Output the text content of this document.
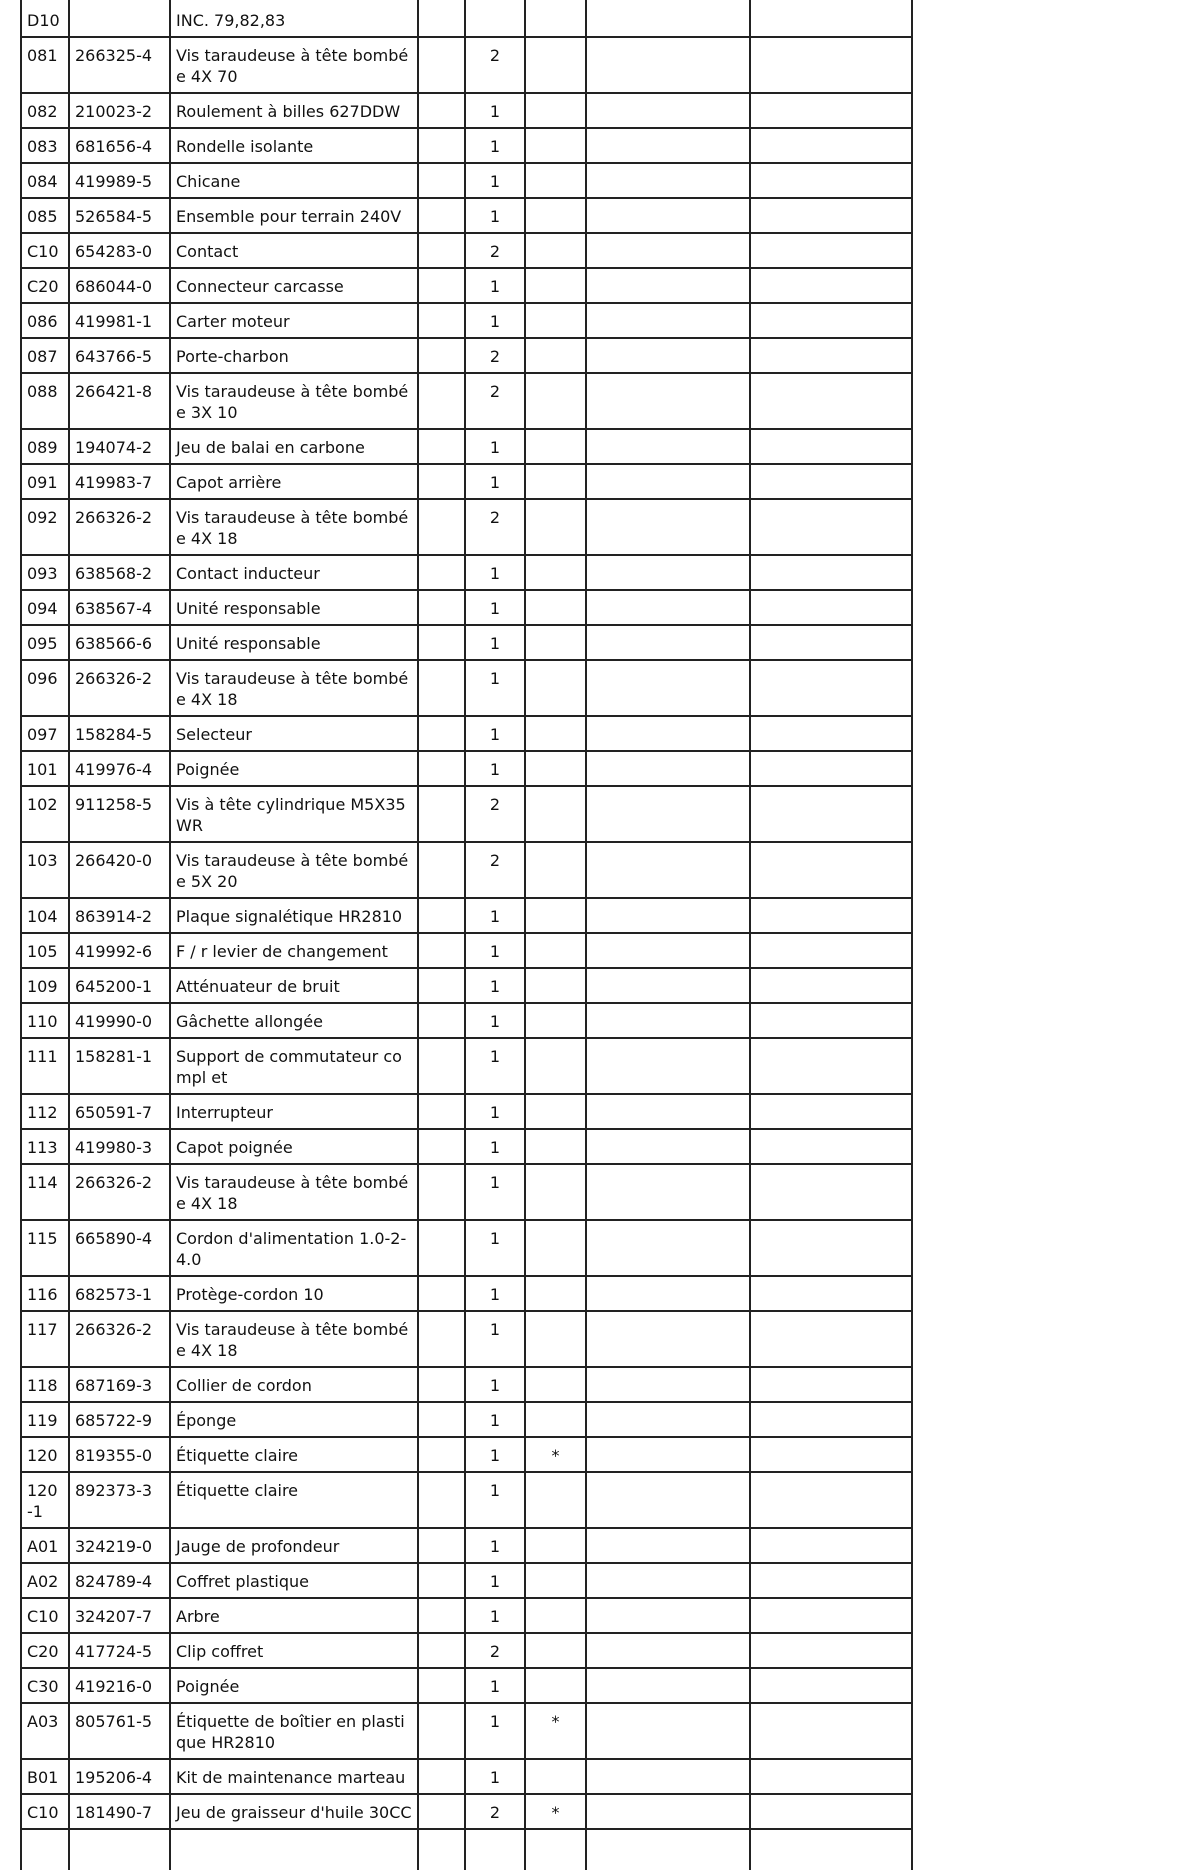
D10		INC. 79,82,83					
081	266325-4	Vis taraudeuse à tête bombée 4X 70		2			
082	210023-2	Roulement à billes 627DDW		1			
083	681656-4	Rondelle isolante		1			
084	419989-5	Chicane		1			
085	526584-5	Ensemble pour terrain 240V		1			
C10	654283-0	Contact		2			
C20	686044-0	Connecteur carcasse		1			
086	419981-1	Carter moteur		1			
087	643766-5	Porte-charbon		2			
088	266421-8	Vis taraudeuse à tête bombée 3X 10		2			
089	194074-2	Jeu de balai en carbone		1			
091	419983-7	Capot arrière		1			
092	266326-2	Vis taraudeuse à tête bombée 4X 18		2			
093	638568-2	Contact inducteur		1			
094	638567-4	Unité responsable		1			
095	638566-6	Unité responsable		1			
096	266326-2	Vis taraudeuse à tête bombée 4X 18		1			
097	158284-5	Selecteur		1			
101	419976-4	Poignée		1			
102	911258-5	Vis à tête cylindrique M5X35 WR		2			
103	266420-0	Vis taraudeuse à tête bombée 5X 20		2			
104	863914-2	Plaque signalétique HR2810		1			
105	419992-6	F / r levier de changement		1			
109	645200-1	Atténuateur de bruit		1			
110	419990-0	Gâchette allongée		1			
111	158281-1	Support de commutateur compl et		1			
112	650591-7	Interrupteur		1			
113	419980-3	Capot poignée		1			
114	266326-2	Vis taraudeuse à tête bombée 4X 18		1			
115	665890-4	Cordon d'alimentation 1.0-2-4.0		1			
116	682573-1	Protège-cordon 10		1			
117	266326-2	Vis taraudeuse à tête bombée 4X 18		1			
118	687169-3	Collier de cordon		1			
119	685722-9	Éponge		1			
120	819355-0	Étiquette claire		1	*		
120-1	892373-3	Étiquette claire		1			
A01	324219-0	Jauge de profondeur		1			
A02	824789-4	Coffret plastique		1			
C10	324207-7	Arbre		1			
C20	417724-5	Clip coffret		2			
C30	419216-0	Poignée		1			
A03	805761-5	Étiquette de boîtier en plastique HR2810		1	*		
B01	195206-4	Kit de maintenance marteau		1			
C10	181490-7	Jeu de graisseur d'huile 30CC		2	*		
